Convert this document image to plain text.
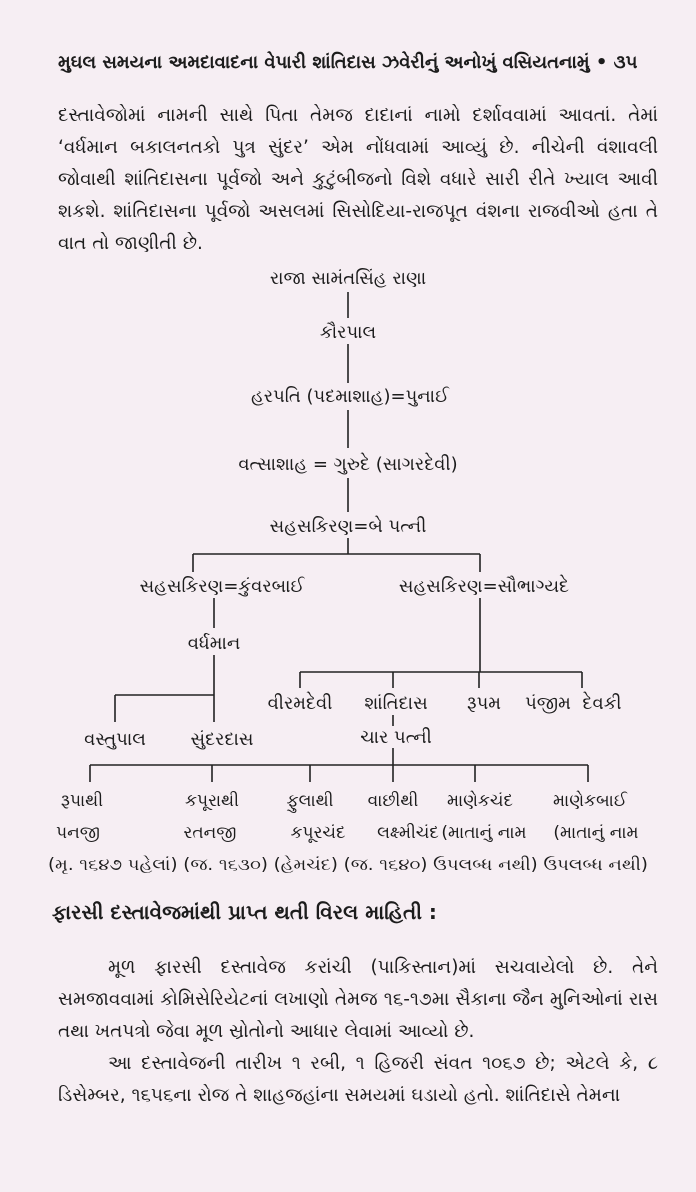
મુઘલ સમયના અમદાવાદના વેપારી શાંતિદાસ ઝવેરીનું અનોખું વસિયતનામું • ૩૫
દસ્તાવેજોમાં નામની સાથે પિતા તેમજ દાદાનાં નામો દર્શાવવામાં આવતાં. તેમાં ‘વર્ધમાન બકાલનતકો પુત્ર સુંદર’ એમ નોંધવામાં આવ્યું છે. નીચેની વંશાવલી જોવાથી શાંતિદાસના પૂર્વજો અને કુટુંબીજનો વિશે વધારે સારી રીતે ખ્યાલ આવી શકશે. શાંતિદાસના પૂર્વજો અસલમાં સિસોદિયા-રાજપૂત વંશના રાજવીઓ હતા તે વાત તો જાણીતી છે.
રાજા સામંતસિંહ રાણા
કૌરપાલ
હરપતિ (પદમાશાહ)=પુનાઈ
વત્સાશાહ = ગુરુદે (સાગરદેવી)
સહસકિરણ=બે પત્ની
સહસકિરણ=કુંવરબાઈ	સહસકિરણ=સૌભાગ્યદે
વર્ધમાન
વસ્તુપાલ સુંદરદાસ
વીરમદેવી શાંતિદાસ રૂપમ પંજીમ દેવકી
ચાર પત્ની
રૂપાથી	કપૂરાથી	ફુલાથી વાછીથી માણેકચંદ માણેકબાઈ
પનજી	રતનજી	કપૂરચંદ લક્ષ્મીચંદ (માતાનું નામ (માતાનું નામ
(મૃ. ૧૬૪૭ પહેલાં) (જ. ૧૬૩૦) (હેમચંદ) (જ. ૧૬૪૦) ઉપલબ્ધ નથી) ઉપલબ્ધ નથી)
ફારસી દસ્તાવેજમાંથી પ્રાપ્ત થતી વિરલ માહિતી :
મૂળ ફારસી દસ્તાવેજ કરાંચી (પાકિસ્તાન)માં સચવાયેલો છે. તેને સમજાવવામાં કોમિસેરિયેટનાં લખાણો તેમજ ૧૬-૧૭મા સૈકાના જૈન મુનિઓનાં રાસ તથા ખતપત્રો જેવા મૂળ સ્રોતોનો આધાર લેવામાં આવ્યો છે.
આ દસ્તાવેજની તારીખ ૧ રબી, ૧ હિજરી સંવત ૧૦૬૭ છે; એટલે કે, ૮ ડિસેમ્બર, ૧૬૫૬ના રોજ તે શાહજહાંના સમયમાં ઘડાયો હતો. શાંતિદાસે તેમના
